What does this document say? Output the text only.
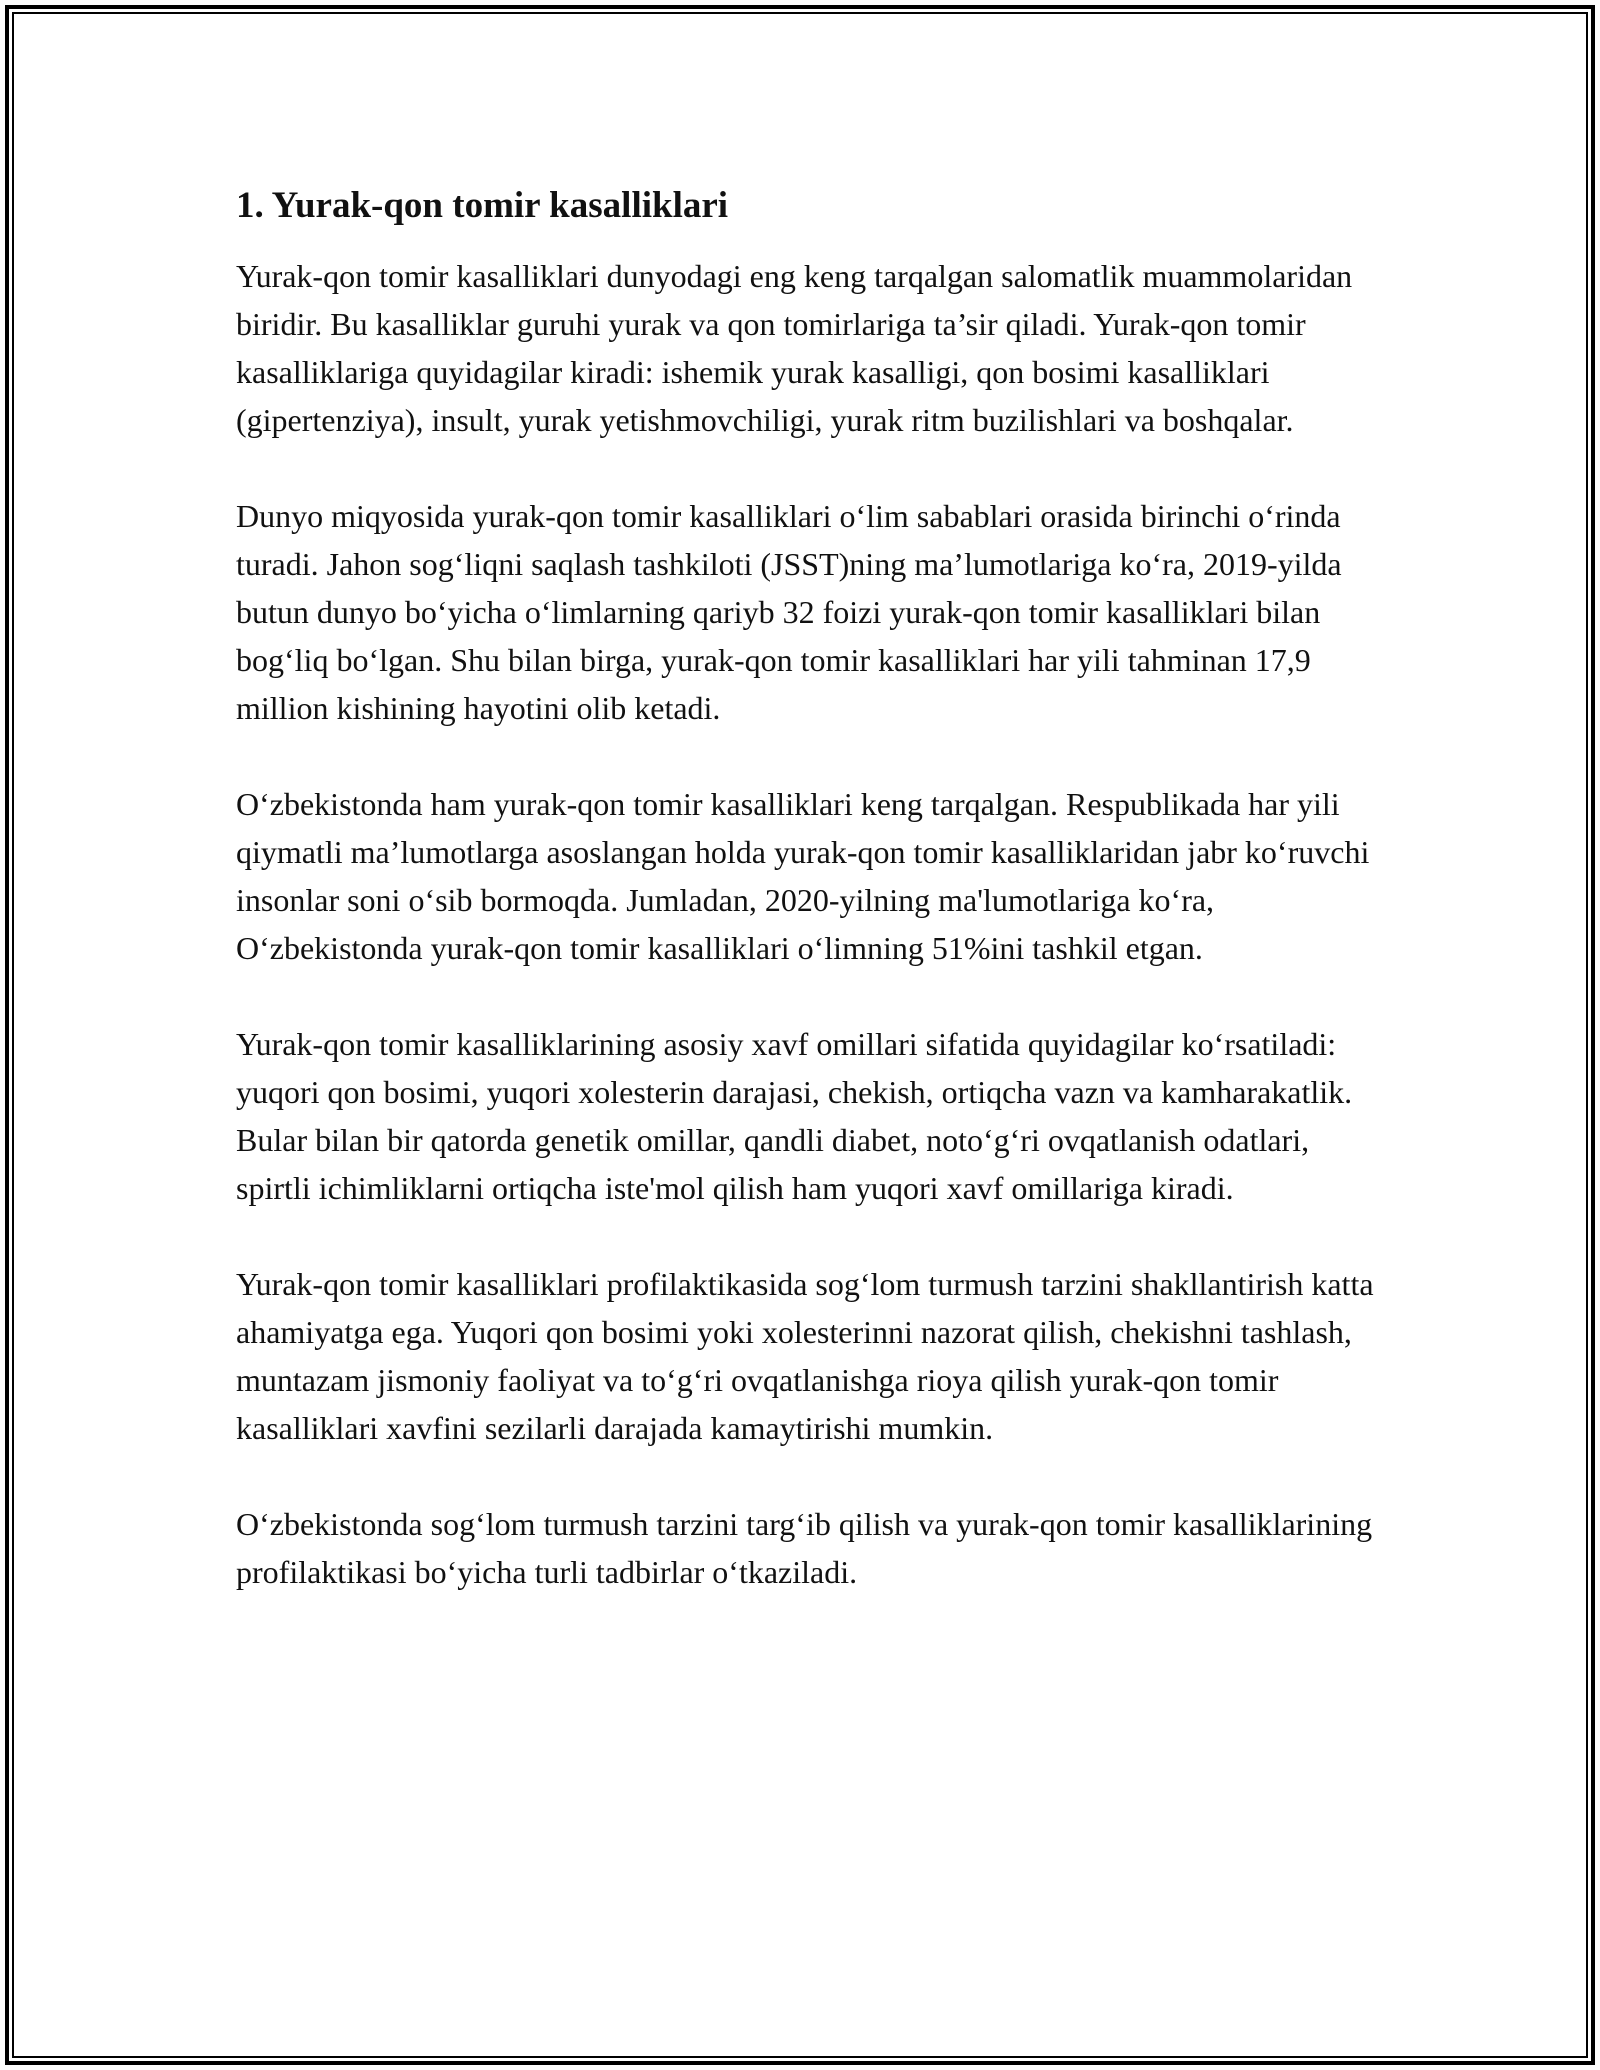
1. Yurak-qon tomir kasalliklari

Yurak-qon tomir kasalliklari dunyodagi eng keng tarqalgan salomatlik muammolaridan biridir. Bu kasalliklar guruhi yurak va qon tomirlariga ta’sir qiladi. Yurak-qon tomir kasalliklariga quyidagilar kiradi: ishemik yurak kasalligi, qon bosimi kasalliklari (gipertenziya), insult, yurak yetishmovchiligi, yurak ritm buzilishlari va boshqalar.

Dunyo miqyosida yurak-qon tomir kasalliklari o‘lim sabablari orasida birinchi o‘rinda turadi. Jahon sog‘liqni saqlash tashkiloti (JSST)ning ma’lumotlariga ko‘ra, 2019-yilda butun dunyo bo‘yicha o‘limlarning qariyb 32 foizi yurak-qon tomir kasalliklari bilan bog‘liq bo‘lgan. Shu bilan birga, yurak-qon tomir kasalliklari har yili tahminan 17,9 million kishining hayotini olib ketadi.

O‘zbekistonda ham yurak-qon tomir kasalliklari keng tarqalgan. Respublikada har yili qiymatli ma’lumotlarga asoslangan holda yurak-qon tomir kasalliklaridan jabr ko‘ruvchi insonlar soni o‘sib bormoqda. Jumladan, 2020-yilning ma'lumotlariga ko‘ra, O‘zbekistonda yurak-qon tomir kasalliklari o‘limning 51%ini tashkil etgan.

Yurak-qon tomir kasalliklarining asosiy xavf omillari sifatida quyidagilar ko‘rsatiladi: yuqori qon bosimi, yuqori xolesterin darajasi, chekish, ortiqcha vazn va kamharakatlik. Bular bilan bir qatorda genetik omillar, qandli diabet, noto‘g‘ri ovqatlanish odatlari, spirtli ichimliklarni ortiqcha iste'mol qilish ham yuqori xavf omillariga kiradi.

Yurak-qon tomir kasalliklari profilaktikasida sog‘lom turmush tarzini shakllantirish katta ahamiyatga ega. Yuqori qon bosimi yoki xolesterinni nazorat qilish, chekishni tashlash, muntazam jismoniy faoliyat va to‘g‘ri ovqatlanishga rioya qilish yurak-qon tomir kasalliklari xavfini sezilarli darajada kamaytirishi mumkin.

O‘zbekistonda sog‘lom turmush tarzini targ‘ib qilish va yurak-qon tomir kasalliklarining profilaktikasi bo‘yicha turli tadbirlar o‘tkaziladi.
